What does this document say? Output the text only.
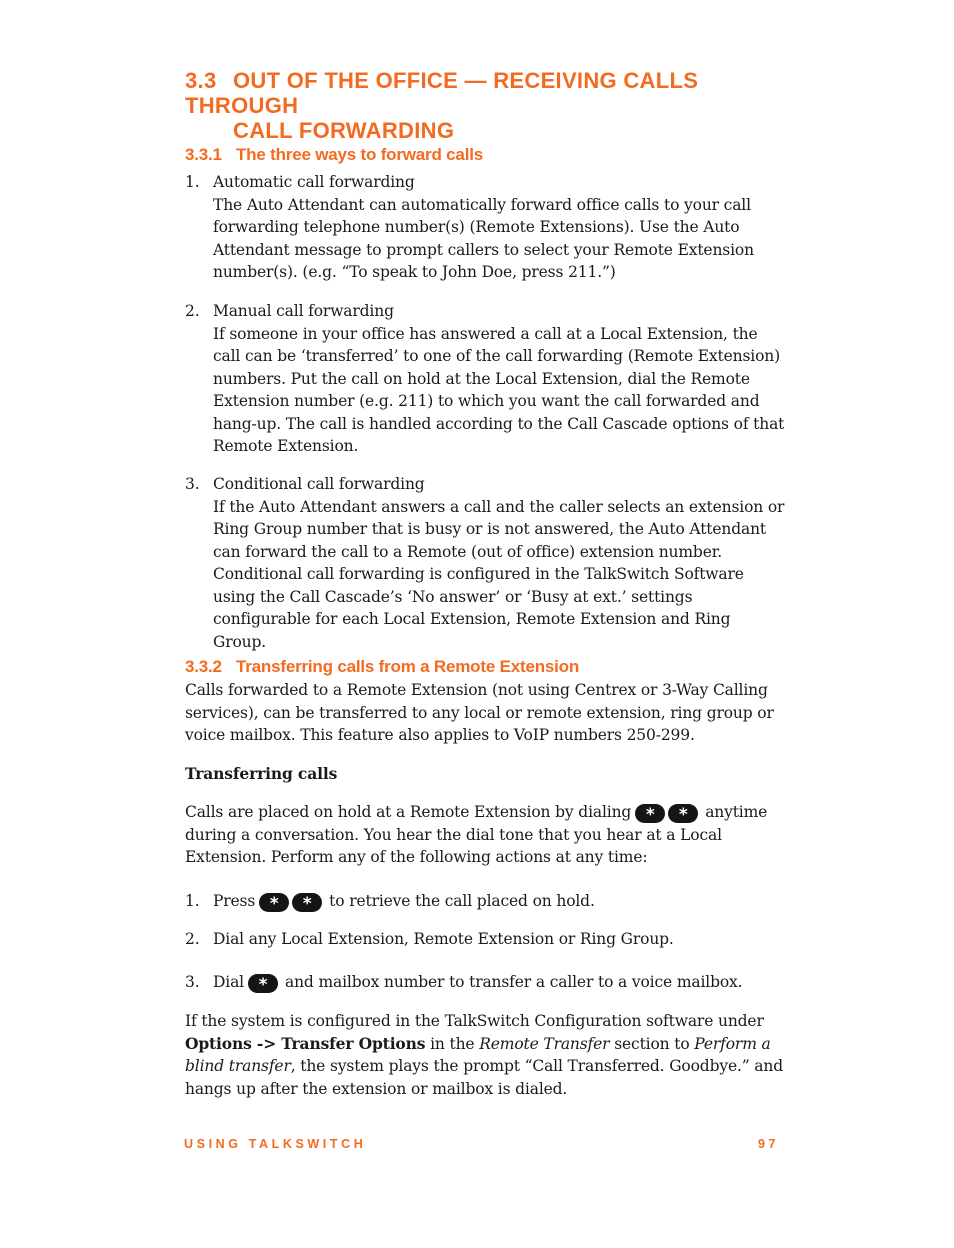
3.3 OUT OF THE OFFICE — RECEIVING CALLS THROUGH
CALL FORWARDING
3.3.1 The three ways to forward calls
1. Automatic call forwarding
The Auto Attendant can automatically forward office calls to your call forwarding telephone number(s) (Remote Extensions). Use the Auto Attendant message to prompt callers to select your Remote Extension number(s). (e.g. “To speak to John Doe, press 211.”)
2. Manual call forwarding
If someone in your office has answered a call at a Local Extension, the call can be ‘transferred’ to one of the call forwarding (Remote Extension) numbers. Put the call on hold at the Local Extension, dial the Remote Extension number (e.g. 211) to which you want the call forwarded and hang-up. The call is handled according to the Call Cascade options of that Remote Extension.
3. Conditional call forwarding
If the Auto Attendant answers a call and the caller selects an extension or Ring Group number that is busy or is not answered, the Auto Attendant can forward the call to a Remote (out of office) extension number. Conditional call forwarding is configured in the TalkSwitch Software using the Call Cascade’s ‘No answer’ or ‘Busy at ext.’ settings configurable for each Local Extension, Remote Extension and Ring Group.
3.3.2 Transferring calls from a Remote Extension
Calls forwarded to a Remote Extension (not using Centrex or 3-Way Calling services), can be transferred to any local or remote extension, ring group or voice mailbox. This feature also applies to VoIP numbers 250-299.
Transferring calls
Calls are placed on hold at a Remote Extension by dialing * * anytime during a conversation. You hear the dial tone that you hear at a Local Extension. Perform any of the following actions at any time:
1. Press * * to retrieve the call placed on hold.
2. Dial any Local Extension, Remote Extension or Ring Group.
3. Dial * and mailbox number to transfer a caller to a voice mailbox.
If the system is configured in the TalkSwitch Configuration software under Options -> Transfer Options in the Remote Transfer section to Perform a blind transfer, the system plays the prompt “Call Transferred. Goodbye.” and hangs up after the extension or mailbox is dialed.
USING TALKSWITCH	97
